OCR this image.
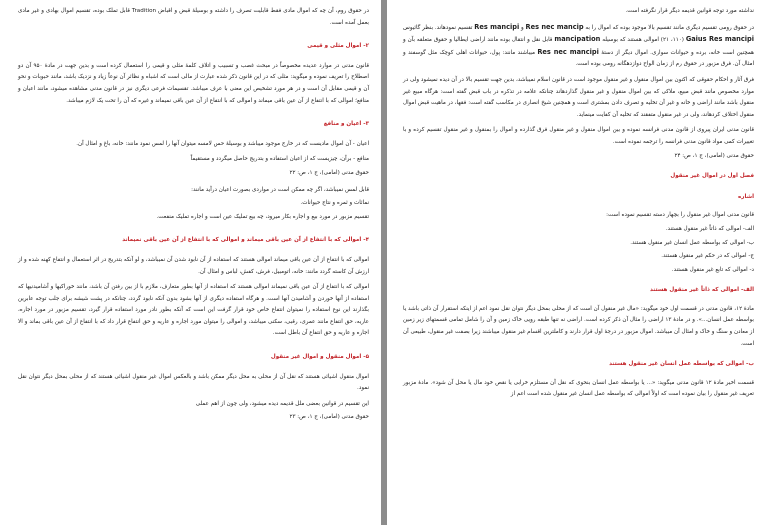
در حقوق روم، آن چه که اموال مادی فقط قابلیت تصرف را داشته و بوسیلهٔ قبض و اقباض Tradition قابل تملک بوده، تقسیم اموال بهادی و غیر مادی بعمل آمده است.

۲- اموال مثلی و قیمی

قانون مدنی در موارد عدیده مخصوصاً در مبحث غصب و تسبیب و اتلاف کلمهٔ مثلی و قیمی را استعمال کرده است و بدین جهت در مادهٔ ۹۵۰ آن دو اصطلاح را تعریف نموده و میگوید: مثلی که در این قانون ذکر شده عبارت از مالی است که اشباه و نظائر آن نوعاً زیاد و نزدیک باشد، مانند حبوبات و نحو آن و قیمی مقابل آن است و در هر مورد تشخیص این معنی با عرف میباشد. تقسیمات فرعی دیگری نیز در قانون مدنی مشاهده میشود، مانند اعیان و منافع؛ اموالی که با انتفاع از آن عین باقی میماند و اموالی که با انتفاع از آن عین باقی نمیماند و غیره که آن را تحت یک لازم میباشد.

۳- اعیان و منافع

اعیان - آن اموال مادیست که در خارج موجود میباشد و بوسیلهٔ حس لامسه میتوان آنها را لمس نمود مانند: خانه، باغ و امثال آن.

منافع - برآن، چیزیست که از اعیان استفاده و بتدریج حاصل میگردد و مستقیماً

حقوق مدنی (امامی)، ج ۱، ص: ۲۲

قابل لمس نمیباشد، اگر چه ممکن است در مواردی بصورت اعیان درآید مانند:

نمائات و ثمره و نتاج حیوانات.

تقسیم مزبور در مورد بیع و اجاره بکار میرود، چه بیع تملیک عین است و اجاره تملیک منفعت.

۴- اموالی که با انتفاع از آن عین باقی میماند و اموالی که با انتفاع از آن عین باقی نمیماند

اموالی که با انتفاع از آن عین باقی میماند اموالی هستند که استفاده از آن نابود شدن آن نمیباشد، و لو آنکه بتدریج در اثر استعمال و انتفاع کهنه شده و از ارزش آن کاسته گردد مانند: خانه، اتومبیل، فرش، کفش، لباس و امثال آن.

اموالی که با انتفاع از آن عین باقی نمیماند اموالی هستند که استفاده از آنها بطور متعارف، ملازم با از بین رفتن آن باشد، مانند خوراکیها و آشامیدنیها که استفاده از آنها خوردن و آشامیدن آنها است. و هرگاه استفاده دیگری از آنها بشود بدون آنکه نابود گردد، چنانکه در پشت شیشه برای جلب توجه عابرین بگذارند این نوع استفاده را نمیتوان انتفاع خاص خود قرار گرفت این است که آنکه بطور نادر مورد استفاده قرار گیرد، تقسیم مزبور در مورد اجاره، عاریه، حق انتفاع مانند عمری، رقبی، سکنی میباشد، و اموالی را میتوان مورد اجاره و عاریه و حق انتفاع قرار داد که با انتفاع از آن عین باقی بماند و الا اجاره و عاریه و حق انتفاع آن باطل است.

۵- اموال منقول و اموال غیر منقول

اموال منقول اشیائی هستند که نقل آن از محلی به محل دیگر ممکن باشد و بالعکس اموال غیر منقول اشیائی هستند که از محلی بمحل دیگر نتوان نقل نمود.

این تقسیم در قوانین بعضی ملل قدیمه دیده میشود، ولی چون از اهم عملی

حقوق مدنی (امامی)، ج ۱، ص: ۲۳

نداشته مورد توجه قوانین قدیمه دیگر قرار نگرفته است.

در حقوق رومی تقسیم دیگری مانند تقسیم بالا موجود بوده که اموال را به Res nec mancip و Res mancipi تقسیم نمودهاند. بنظر گائیوس Gaius Res mancipi (۱۱۰، ۲۱) اموالی هستند که بوسیله mancipation قابل نقل و انتقال بوده مانند اراضی ایطالیا و حقوق متعلقه بآن و همچنین است خانه، برده و حیوانات سواری. اموال دیگر از دستهٔ Res nec mancipi میباشند مانند: پول، حیوانات اهلی کوچک مثل گوسفند و امثال آن. فرق مزبور در حقوق رم از زمان الواح دوازدهگانه رومی بوده است.

فرق آثار و احکام حقوقی که اکنون بین اموال منقول و غیر منقول موجود است در قانون اسلام نمیباشد، بدین جهت تقسیم بالا در آن دیده نمیشود ولی در موارد مخصوص مانند قبض مبیع، ملاکی که بین اموال منقول و غیر منقول گذاردهاند چنانکه علامه در تذکره در باب قبض گفته است: هرگاه مبیع غیر منقول باشد مانند اراضی و خانه و غیر آن تخلیه و تصرف دادن بمشتری است و همچنین شیخ انصاری در مکاسب گفته است: فقها، در ماهیت قبض اموال منقول اختلاف کردهاند، ولی در غیر منقول متفقند که تخلیه آن کفایت مینماید.

قانون مدنی ایران پیروی از قانون مدنی فرانسه نموده و بین اموال منقول و غیر منقول فرق گذارده و اموال را بمنقول و غیر منقول تقسیم کرده و با تغییرات کمی مواد قانون مدنی فرانسه را ترجمه نموده است.

حقوق مدنی (امامی)، ج ۱، ص: ۲۴

فصل اول در اموال غیر منقول
اشاره

قانون مدنی اموال غیر منقول را بچهار دسته تقسیم نموده است:

الف- اموالی که ذاتاً غیر منقول هستند.

ب- اموالی که بواسطه عمل انسان غیر منقول هستند.

ج- اموالی که در حکم غیر منقول هستند.

د- اموالی که تابع غیر منقول هستند.

الف- اموالی که ذاتاً غیر منقول هستند

مادهٔ ۱۲، قانون مدنی در قسمت اول خود میگوید: «مال غیر منقول آن است که از محلی بمحل دیگر نتوان نقل نمود اعم از اینکه استقرار آن ذاتی باشد یا بواسطه عمل انسان...». و در مادهٔ ۱۳ اراضی را مثال آن ذکر کرده است. اراضی نه تنها طبقه رویی خاک زمین و آن را شامل تمامی قسمتهای زیر زمین از معادن و سنگ و خاک و امثال آن میباشد. اموال مزبور در درجهٔ اول قرار دارند و کاملترین اقسام غیر منقول میباشند زیرا بصفت غیر منقول، طبیعی آن است.

ب- اموالی که بواسطه عمل انسان غیر منقول هستند

قسمت اخیر مادهٔ ۱۲ قانون مدنی میگوید: «... یا بواسطه عمل انسان بنحوی که نقل آن مستلزم خرابی یا نقص خود مال یا محل آن شود». مادهٔ مزبور تعریف غیر منقول را بیان نموده است که اولاً اموالی که بواسطه عمل انسان غیر منقول شده است اعم از
